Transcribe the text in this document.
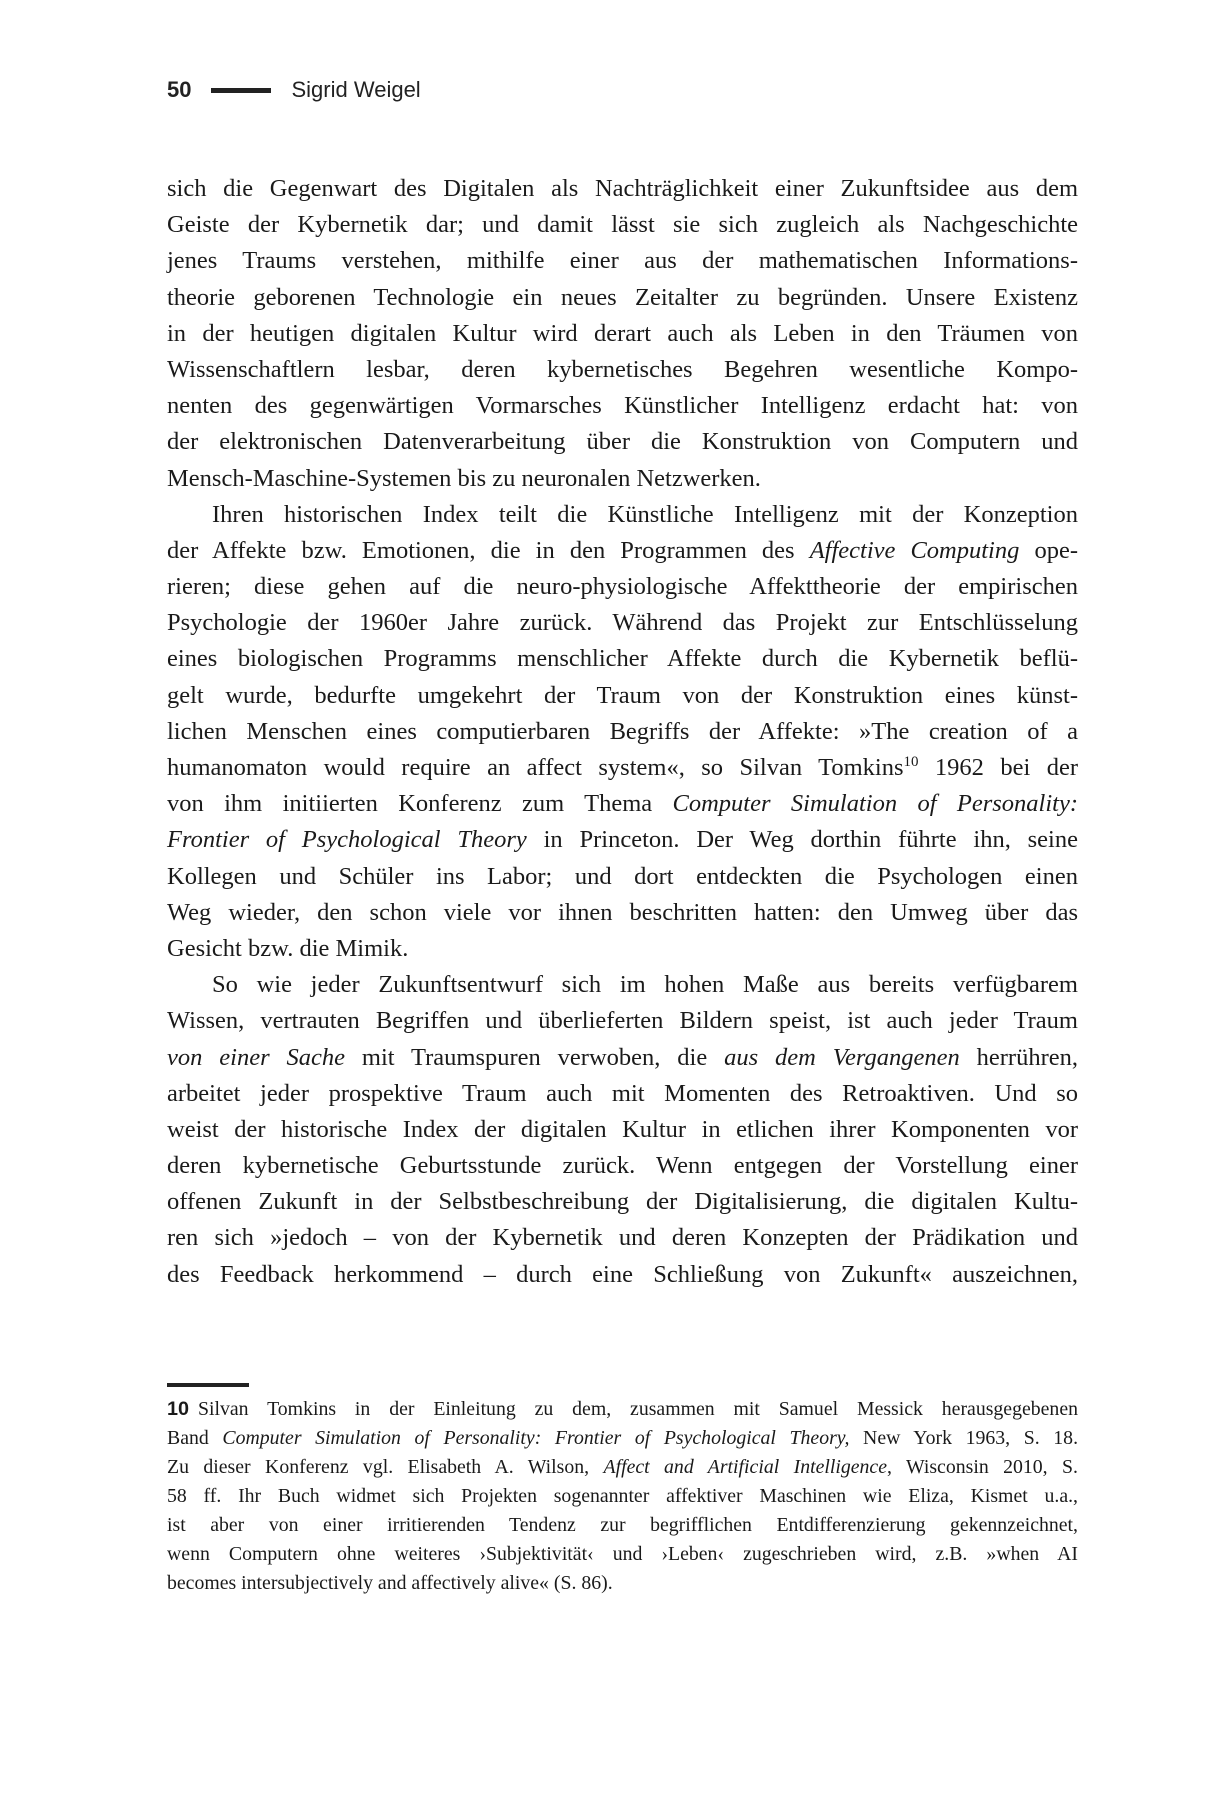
50	Sigrid Weigel
sich die Gegenwart des Digitalen als Nachträglichkeit einer Zukunftsidee aus dem
Geiste der Kybernetik dar; und damit lässt sie sich zugleich als Nachgeschichte
jenes Traums verstehen, mithilfe einer aus der mathematischen Informations-
theorie geborenen Technologie ein neues Zeitalter zu begründen. Unsere Existenz
in der heutigen digitalen Kultur wird derart auch als Leben in den Träumen von
Wissenschaftlern lesbar, deren kybernetisches Begehren wesentliche Kompo-
nenten des gegenwärtigen Vormarsches Künstlicher Intelligenz erdacht hat: von
der elektronischen Datenverarbeitung über die Konstruktion von Computern und
Mensch-Maschine-Systemen bis zu neuronalen Netzwerken.
Ihren historischen Index teilt die Künstliche Intelligenz mit der Konzeption
der Affekte bzw. Emotionen, die in den Programmen des Affective Computing ope-
rieren; diese gehen auf die neuro-physiologische Affekttheorie der empirischen
Psychologie der 1960er Jahre zurück. Während das Projekt zur Entschlüsselung
eines biologischen Programms menschlicher Affekte durch die Kybernetik beflü-
gelt wurde, bedurfte umgekehrt der Traum von der Konstruktion eines künst-
lichen Menschen eines computierbaren Begriffs der Affekte: »The creation of a
humanomaton would require an affect system«, so Silvan Tomkins$^{10}$ 1962 bei der
von ihm initiierten Konferenz zum Thema Computer Simulation of Personality:
Frontier of Psychological Theory in Princeton. Der Weg dorthin führte ihn, seine
Kollegen und Schüler ins Labor; und dort entdeckten die Psychologen einen
Weg wieder, den schon viele vor ihnen beschritten hatten: den Umweg über das
Gesicht bzw. die Mimik.
So wie jeder Zukunftsentwurf sich im hohen Maße aus bereits verfügbarem
Wissen, vertrauten Begriffen und überlieferten Bildern speist, ist auch jeder Traum
von einer Sache mit Traumspuren verwoben, die aus dem Vergangenen herrühren,
arbeitet jeder prospektive Traum auch mit Momenten des Retroaktiven. Und so
weist der historische Index der digitalen Kultur in etlichen ihrer Komponenten vor
deren kybernetische Geburtsstunde zurück. Wenn entgegen der Vorstellung einer
offenen Zukunft in der Selbstbeschreibung der Digitalisierung, die digitalen Kultu-
ren sich »jedoch – von der Kybernetik und deren Konzepten der Prädikation und
des Feedback herkommend – durch eine Schließung von Zukunft« auszeichnen,
10 Silvan Tomkins in der Einleitung zu dem, zusammen mit Samuel Messick herausgegebenen
Band Computer Simulation of Personality: Frontier of Psychological Theory, New York 1963, S. 18.
Zu dieser Konferenz vgl. Elisabeth A. Wilson, Affect and Artificial Intelligence, Wisconsin 2010, S.
58 ff. Ihr Buch widmet sich Projekten sogenannter affektiver Maschinen wie Eliza, Kismet u.a.,
ist aber von einer irritierenden Tendenz zur begrifflichen Entdifferenzierung gekennzeichnet,
wenn Computern ohne weiteres ›Subjektivität‹ und ›Leben‹ zugeschrieben wird, z.B. »when AI
becomes intersubjectively and affectively alive« (S. 86).
